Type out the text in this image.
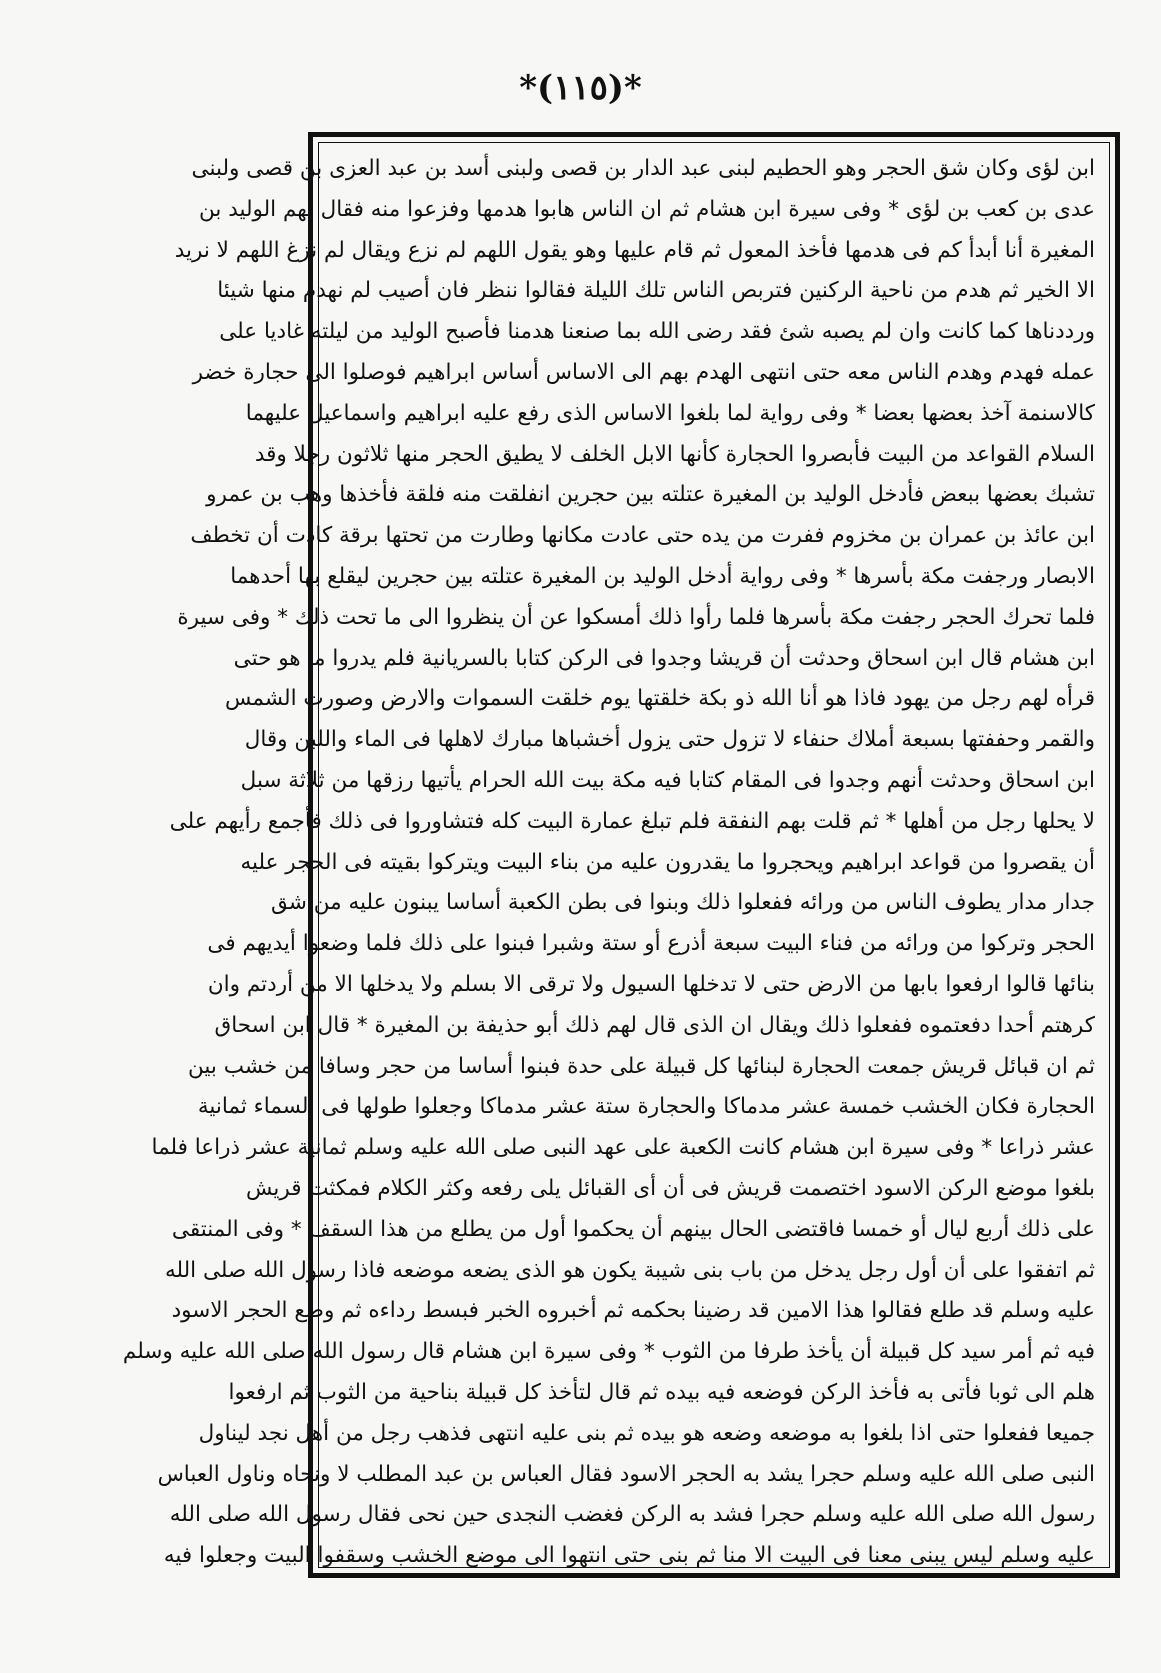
*(١١٥)*
ابن لؤى وكان شق الحجر وهو الحطيم لبنى عبد الدار بن قصى ولبنى أسد بن عبد العزى بن قصى ولبنى
عدى بن كعب بن لؤى * وفى سيرة ابن هشام ثم ان الناس هابوا هدمها وفزعوا منه فقال لهم الوليد بن
المغيرة أنا أبدأ كم فى هدمها فأخذ المعول ثم قام عليها وهو يقول اللهم لم نزع ويقال لم نزغ اللهم لا نريد
الا الخير ثم هدم من ناحية الركنين فتربص الناس تلك الليلة فقالوا ننظر فان أصيب لم نهدم منها شيئا
ورددناها كما كانت وان لم يصبه شئ فقد رضى الله بما صنعنا هدمنا فأصبح الوليد من ليلته غاديا على
عمله فهدم وهدم الناس معه حتى انتهى الهدم بهم الى الاساس أساس ابراهيم فوصلوا الى حجارة خضر
كالاسنمة آخذ بعضها بعضا * وفى رواية لما بلغوا الاساس الذى رفع عليه ابراهيم واسماعيل عليهما
السلام القواعد من البيت فأبصروا الحجارة كأنها الابل الخلف لا يطيق الحجر منها ثلاثون رجلا وقد
تشبك بعضها ببعض فأدخل الوليد بن المغيرة عتلته بين حجرين انفلقت منه فلقة فأخذها وهب بن عمرو
ابن عائذ بن عمران بن مخزوم ففرت من يده حتى عادت مكانها وطارت من تحتها برقة كادت أن تخطف
الابصار ورجفت مكة بأسرها * وفى رواية أدخل الوليد بن المغيرة عتلته بين حجرين ليقلع بها أحدهما
فلما تحرك الحجر رجفت مكة بأسرها فلما رأوا ذلك أمسكوا عن أن ينظروا الى ما تحت ذلك * وفى سيرة
ابن هشام قال ابن اسحاق وحدثت أن قريشا وجدوا فى الركن كتابا بالسريانية فلم يدروا ما هو حتى
قرأه لهم رجل من يهود فاذا هو أنا الله ذو بكة خلقتها يوم خلقت السموات والارض وصورت الشمس
والقمر وحففتها بسبعة أملاك حنفاء لا تزول حتى يزول أخشباها مبارك لاهلها فى الماء واللبن وقال
ابن اسحاق وحدثت أنهم وجدوا فى المقام كتابا فيه مكة بيت الله الحرام يأتيها رزقها من ثلاثة سبل
لا يحلها رجل من أهلها * ثم قلت بهم النفقة فلم تبلغ عمارة البيت كله فتشاوروا فى ذلك فأجمع رأيهم على
أن يقصروا من قواعد ابراهيم ويحجروا ما يقدرون عليه من بناء البيت ويتركوا بقيته فى الحجر عليه
جدار مدار يطوف الناس من ورائه ففعلوا ذلك وبنوا فى بطن الكعبة أساسا يبنون عليه من شق
الحجر وتركوا من ورائه من فناء البيت سبعة أذرع أو ستة وشبرا فبنوا على ذلك فلما وضعوا أيديهم فى
بنائها قالوا ارفعوا بابها من الارض حتى لا تدخلها السيول ولا ترقى الا بسلم ولا يدخلها الا من أردتم وان
كرهتم أحدا دفعتموه ففعلوا ذلك ويقال ان الذى قال لهم ذلك أبو حذيفة بن المغيرة * قال ابن اسحاق
ثم ان قبائل قريش جمعت الحجارة لبنائها كل قبيلة على حدة فبنوا أساسا من حجر وسافا من خشب بين
الحجارة فكان الخشب خمسة عشر مدماكا والحجارة ستة عشر مدماكا وجعلوا طولها فى السماء ثمانية
عشر ذراعا * وفى سيرة ابن هشام كانت الكعبة على عهد النبى صلى الله عليه وسلم ثمانية عشر ذراعا فلما
بلغوا موضع الركن الاسود اختصمت قريش فى أن أى القبائل يلى رفعه وكثر الكلام فمكثت قريش
على ذلك أربع ليال أو خمسا فاقتضى الحال بينهم أن يحكموا أول من يطلع من هذا السقف * وفى المنتقى
ثم اتفقوا على أن أول رجل يدخل من باب بنى شيبة يكون هو الذى يضعه موضعه فاذا رسول الله صلى الله
عليه وسلم قد طلع فقالوا هذا الامين قد رضينا بحكمه ثم أخبروه الخبر فبسط رداءه ثم وضع الحجر الاسود
فيه ثم أمر سيد كل قبيلة أن يأخذ طرفا من الثوب * وفى سيرة ابن هشام قال رسول الله صلى الله عليه وسلم
هلم الى ثوبا فأتى به فأخذ الركن فوضعه فيه بيده ثم قال لتأخذ كل قبيلة بناحية من الثوب ثم ارفعوا
جميعا ففعلوا حتى اذا بلغوا به موضعه وضعه هو بيده ثم بنى عليه انتهى فذهب رجل من أهل نجد ليناول
النبى صلى الله عليه وسلم حجرا يشد به الحجر الاسود فقال العباس بن عبد المطلب لا ونحاه وناول العباس
رسول الله صلى الله عليه وسلم حجرا فشد به الركن فغضب النجدى حين نحى فقال رسول الله صلى الله
عليه وسلم ليس يبنى معنا فى البيت الا منا ثم بنى حتى انتهوا الى موضع الخشب وسقفوا البيت وجعلوا فيه
